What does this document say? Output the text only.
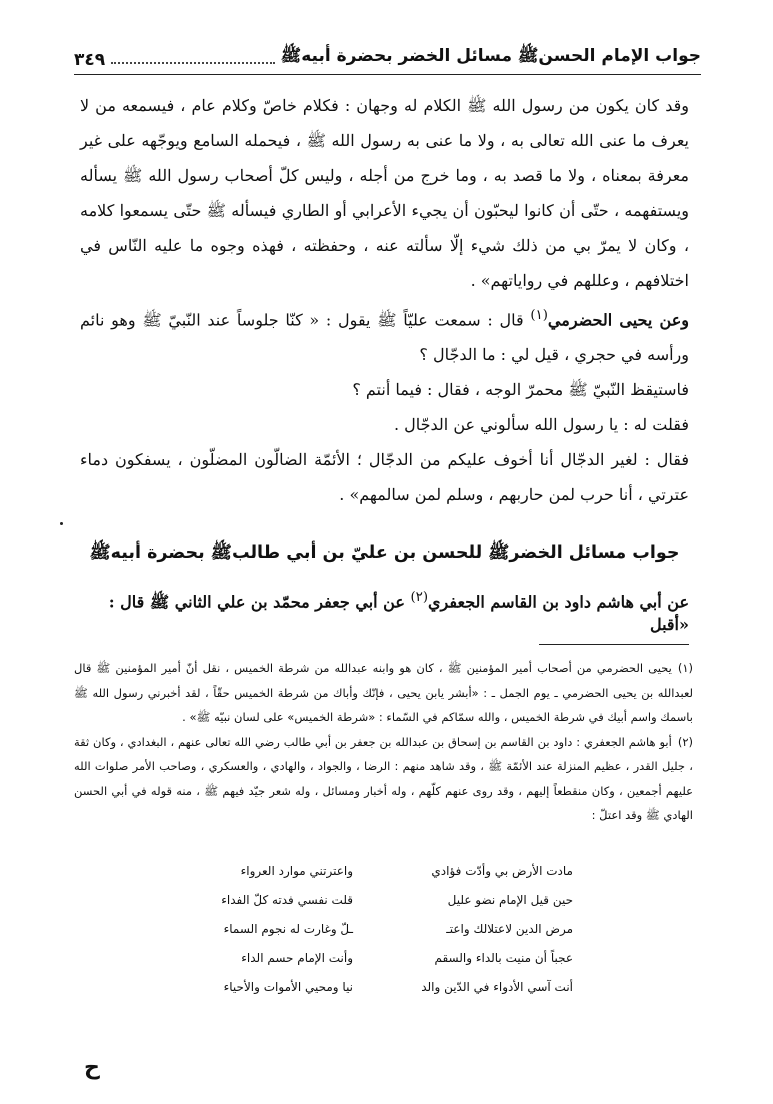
جواب الإمام الحسن‏ﷺ مسائل الخضر بحضرة أبيه‏ﷺ
٣٤٩

وقد كان يكون من رسول الله ‏ﷺ الكلام له وجهان : فكلام خاصّ وكلام عام ، فيسمعه من لا يعرف ما عنى الله تعالى به ، ولا ما عنى به رسول الله ‏ﷺ ، فيحمله السامع ويوجّهه على غير معرفة بمعناه ، ولا ما قصد به ، وما خرج من أجله ، وليس كلّ أصحاب رسول الله ‏ﷺ يسأله ويستفهمه ، حتّى أن كانوا ليحبّون أن يجيء الأعرابي أو الطاري فيسأله ‏ﷺ حتّى يسمعوا كلامه ، وكان لا يمرّ بي من ذلك شيء إلّا سألته عنه ، وحفظته ، فهذه وجوه ما عليه النّاس في اختلافهم ، وعللهم في رواياتهم» .

وعن يحيى الحضرمي$^{(١)}$ قال : سمعت عليّاً ‏ﷺ يقول : « كنّا جلوساً عند النّبيّ ‏ﷺ وهو نائم ورأسه في حجري ، قيل لي : ما الدجّال ؟

فاستيقظ النّبيّ ‏ﷺ محمرّ الوجه ، فقال : فيما أنتم ؟

فقلت له : يا رسول الله سألوني عن الدجّال .

فقال : لغير الدجّال أنا أخوف عليكم من الدجّال ؛ الأئمّة الضالّون المضلّون ، يسفكون دماء عترتي ، أنا حرب لمن حاربهم ، وسلم لمن سالمهم» .

جواب مسائل الخضر‏ﷺ للحسن بن عليّ بن أبي طالب‏ﷺ بحضرة أبيه‏ﷺ
عن أبي هاشم داود بن القاسم الجعفري$^{(٢)}$ عن أبي جعفر محمّد بن علي الثاني ‏ﷺ قال : «أقبل

(١)يحيى الحضرمي من أصحاب أمير المؤمنين ‏ﷺ ، كان هو وابنه عبدالله من شرطة الخميس ، نقل أنّ أمير المؤمنين ‏ﷺ قال لعبدالله بن يحيى الحضرمي ـ يوم الجمل ـ : «أبشر يابن يحيى ، فإنّك وأباك من شرطة الخميس حقّاً ، لقد أخبرني رسول الله ‏ﷺ باسمك واسم أبيك في شرطة الخميس ، والله سمّاكم في السّماء : «شرطة الخميس» على لسان نبيّه ‏ﷺ» .

(٢)أبو هاشم الجعفري : داود بن القاسم بن إسحاق بن عبدالله بن جعفر بن أبي طالب رضي الله تعالى عنهم ، البغدادي ، وكان ثقة ، جليل القدر ، عظيم المنزلة عند الأئمّة ‏ﷺ ، وقد شاهد منهم : الرضا ، والجواد ، والهادي ، والعسكري ، وصاحب الأمر صلوات الله عليهم أجمعين ، وكان منقطعاً إليهم ، وقد روى عنهم كلّهم ، وله أخبار ومسائل ، وله شعر جيّد فيهم ‏ﷺ ، منه قوله في أبي الحسن الهادي ‏ﷺ وقد اعتلّ :

مادت الأرض بي وأدّت فؤادي
واعترتني موارد العرواء
حين قيل الإمام نضو عليل
قلت نفسي فدته كلّ الفداء
مرض الدين لاعتلالك واعتـ
ـلّ وغارت له نجوم السماء
عجباً أن منيت بالداء والسقم
وأنت الإمام حسم الداء
أنت آسي الأدواء في الدّين والد
نيا ومحيي الأموات والأحياء
ح
